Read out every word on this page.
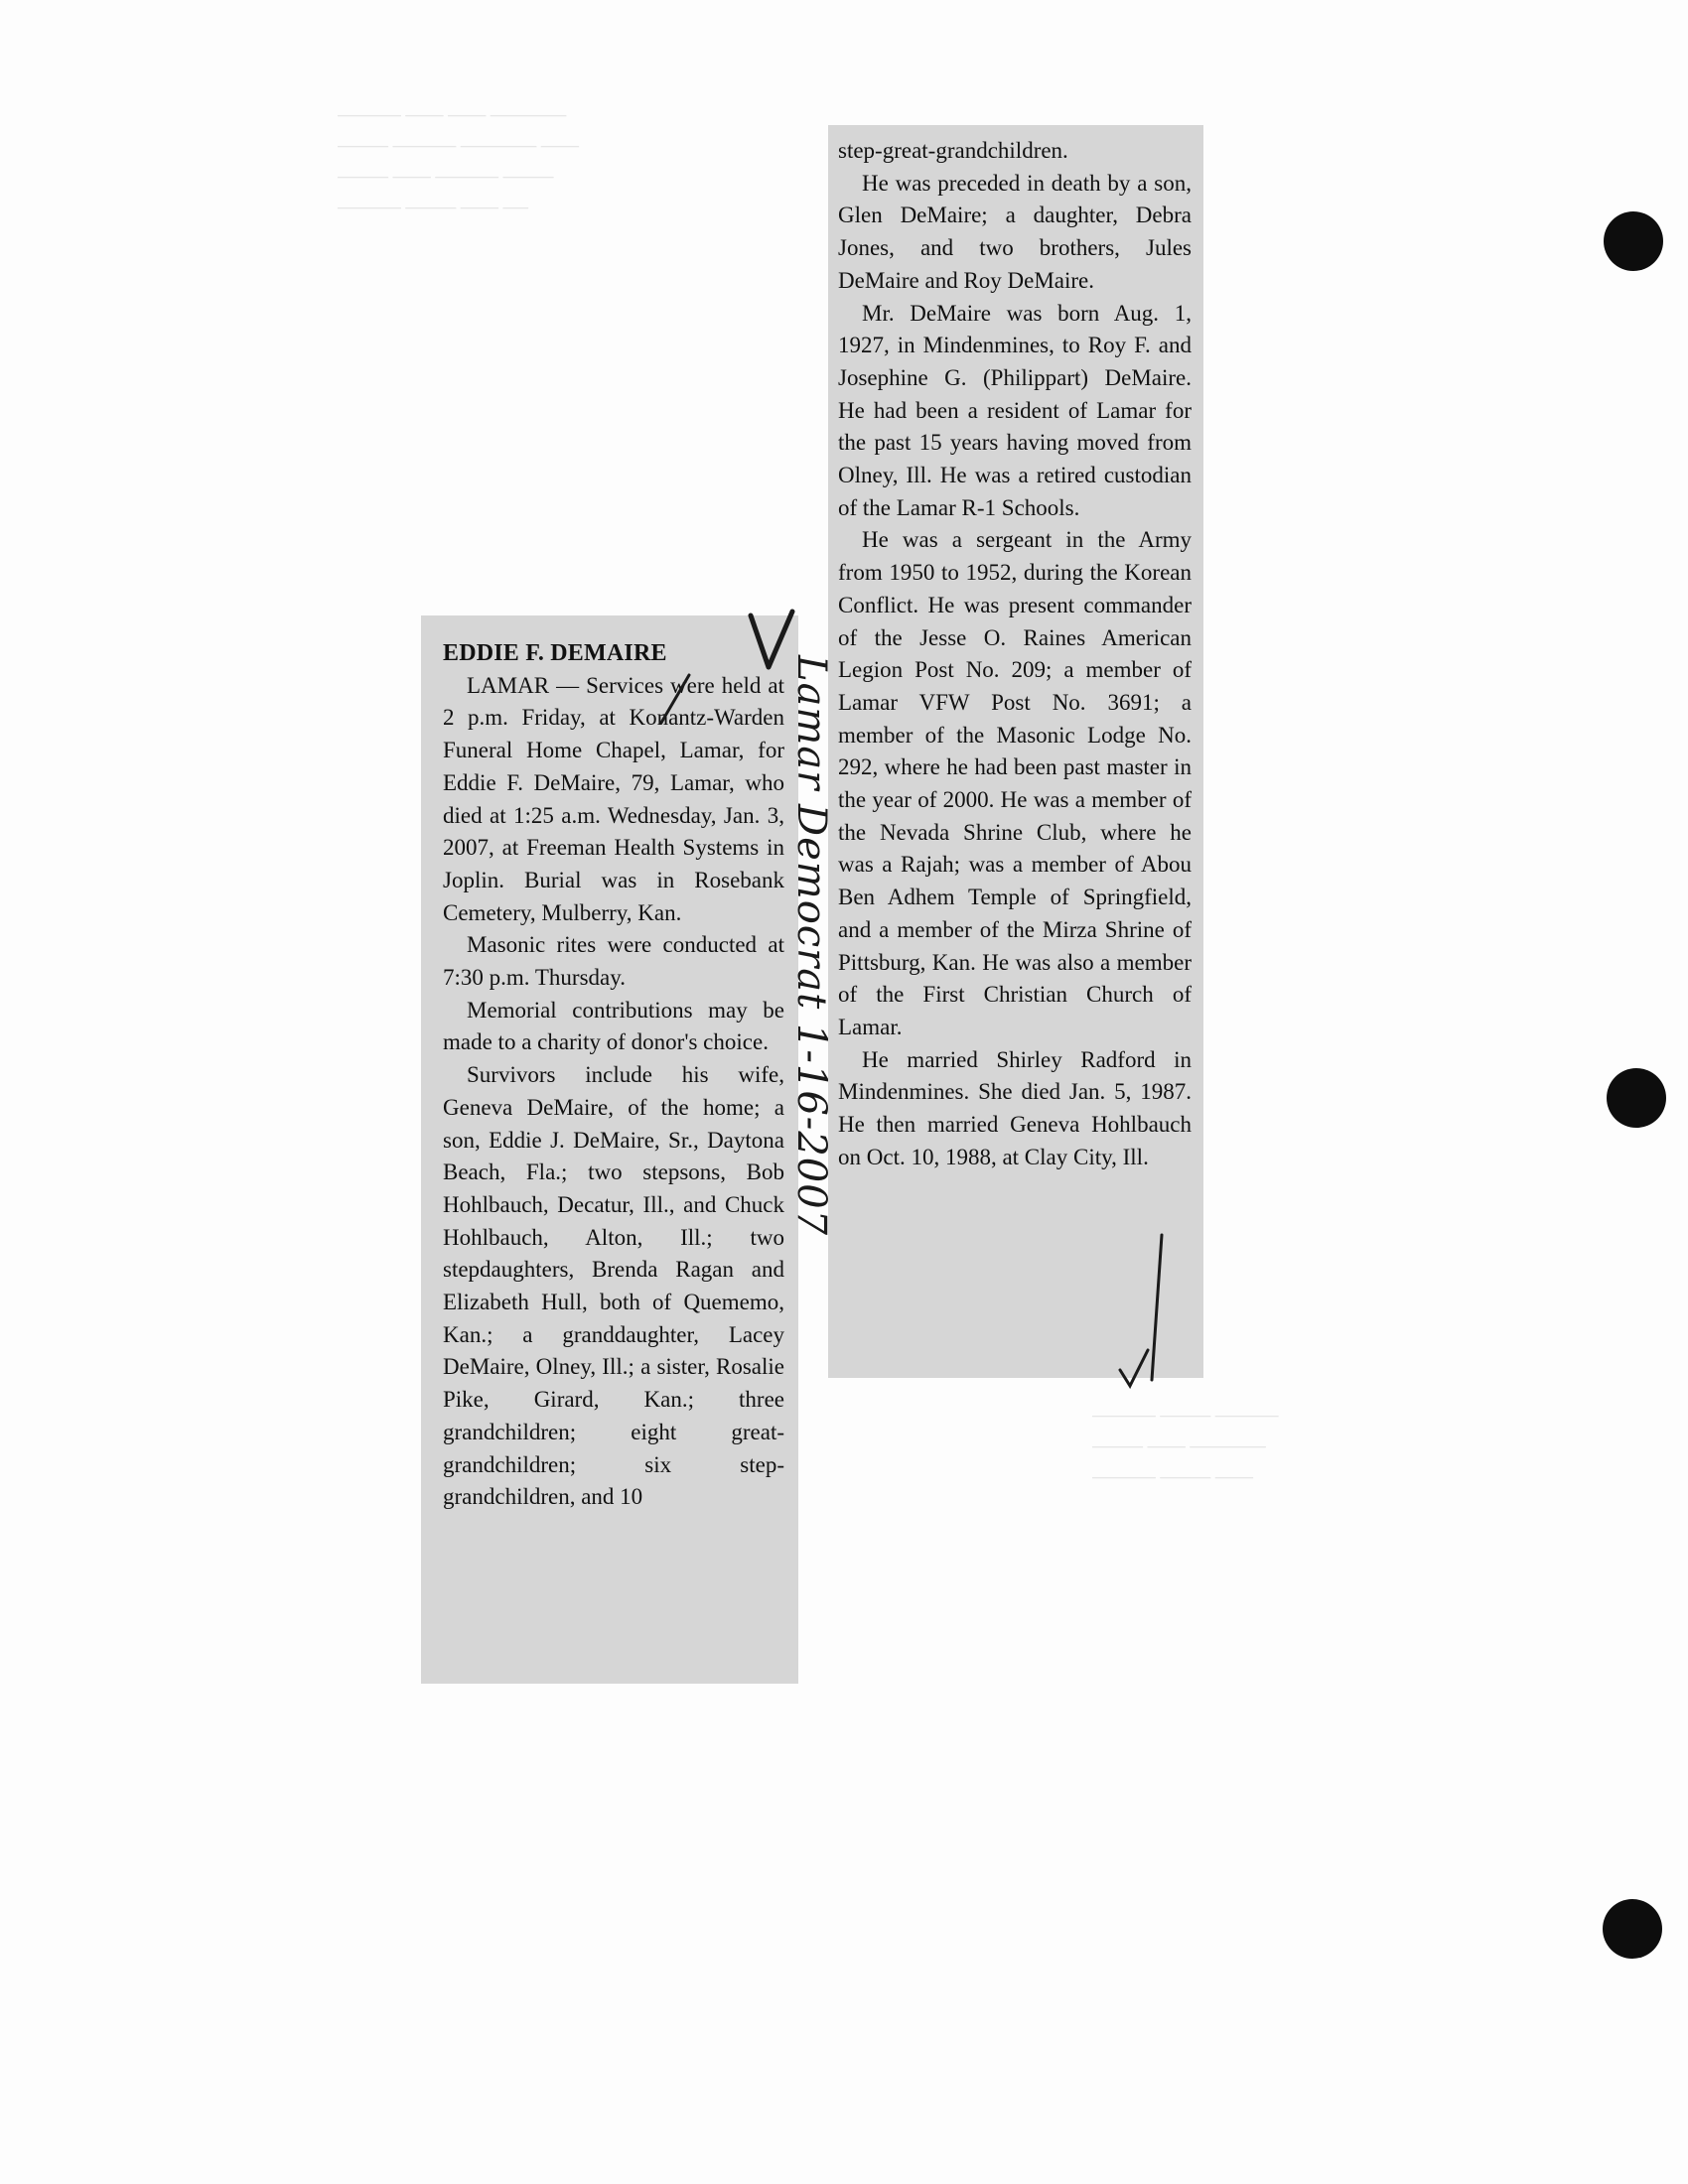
───── ─── ─── ──────
──── ───── ────── ───
──── ─── ───── ────
───── ──── ─── ──

───── ──── ─────
──── ─── ──────
───── ──── ───

step-great-grandchildren.

He was preceded in death by a son, Glen DeMaire; a daughter, Debra Jones, and two brothers, Jules DeMaire and Roy DeMaire.

Mr. DeMaire was born Aug. 1, 1927, in Mindenmines, to Roy F. and Josephine G. (Philippart) DeMaire. He had been a resident of Lamar for the past 15 years having moved from Olney, Ill. He was a retired custodian of the Lamar R-1 Schools.

He was a sergeant in the Army from 1950 to 1952, during the Korean Conflict. He was present commander of the Jesse O. Raines American Legion Post No. 209; a member of Lamar VFW Post No. 3691; a member of the Masonic Lodge No. 292, where he had been past master in the year of 2000. He was a member of the Nevada Shrine Club, where he was a Rajah; was a member of Abou Ben Adhem Temple of Springfield, and a member of the Mirza Shrine of Pittsburg, Kan. He was also a member of the First Christian Church of Lamar.

He married Shirley Radford in Mindenmines. She died Jan. 5, 1987. He then married Geneva Hohlbauch on Oct. 10, 1988, at Clay City, Ill.

EDDIE F. DEMAIRE

LAMAR — Services were held at 2 p.m. Friday, at Konantz-Warden Funeral Home Chapel, Lamar, for Eddie F. DeMaire, 79, Lamar, who died at 1:25 a.m. Wednesday, Jan. 3, 2007, at Freeman Health Systems in Joplin. Burial was in Rosebank Cemetery, Mulberry, Kan.

Masonic rites were conducted at 7:30 p.m. Thursday.

Memorial contributions may be made to a charity of donor's choice.

Survivors include his wife, Geneva DeMaire, of the home; a son, Eddie J. DeMaire, Sr., Daytona Beach, Fla.; two stepsons, Bob Hohlbauch, Decatur, Ill., and Chuck Hohlbauch, Alton, Ill.; two stepdaughters, Brenda Ragan and Elizabeth Hull, both of Quememo, Kan.; a granddaughter, Lacey DeMaire, Olney, Ill.; a sister, Rosalie Pike, Girard, Kan.; three grandchildren; eight great-grandchildren; six step-grandchildren, and 10

Lamar Democrat 1-16-2007
